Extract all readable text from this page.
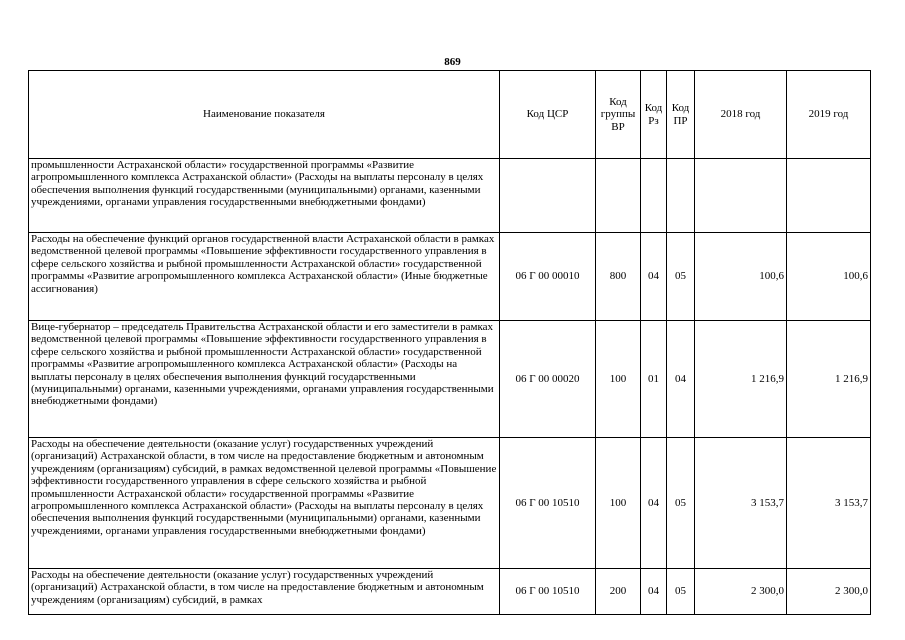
869
Наименование показателя	Код ЦСР	Код группы ВР	Код Рз	Код ПР	2018 год	2019 год
промышленности Астраханской области» государственной программы «Развитие агропромышленного комплекса Астраханской области» (Расходы на выплаты персоналу в целях обеспечения выполнения функций государственными (муниципальными) органами, казенными учреждениями, органами управления государственными внебюджетными фондами)						
Расходы на обеспечение функций органов государственной власти Астраханской области в рамках ведомственной целевой программы «Повышение эффективности государственного управления в сфере сельского хозяйства и рыбной промышленности Астраханской области» государственной программы «Развитие агропромышленного комплекса Астраханской области» (Иные бюджетные ассигнования)	06 Г 00 00010	800	04	05	100,6	100,6
Вице-губернатор – председатель Правительства Астраханской области и его заместители в рамках ведомственной целевой программы «Повышение эффективности государственного управления в сфере сельского хозяйства и рыбной промышленности Астраханской области» государственной программы «Развитие агропромышленного комплекса Астраханской области» (Расходы на выплаты персоналу в целях обеспечения выполнения функций государственными (муниципальными) органами, казенными учреждениями, органами управления государственными внебюджетными фондами)	06 Г 00 00020	100	01	04	1 216,9	1 216,9
Расходы на обеспечение деятельности (оказание услуг) государственных учреждений (организаций) Астраханской области, в том числе на предоставление бюджетным и автономным учреждениям (организациям) субсидий, в рамках ведомственной целевой программы «Повышение эффективности государственного управления в сфере сельского хозяйства и рыбной промышленности Астраханской области» государственной программы «Развитие агропромышленного комплекса Астраханской области» (Расходы на выплаты персоналу в целях обеспечения выполнения функций государственными (муниципальными) органами, казенными учреждениями, органами управления государственными внебюджетными фондами)	06 Г 00 10510	100	04	05	3 153,7	3 153,7
Расходы на обеспечение деятельности (оказание услуг) государственных учреждений (организаций) Астраханской области, в том числе на предоставление бюджетным и автономным учреждениям (организациям) субсидий, в рамках	06 Г 00 10510	200	04	05	2 300,0	2 300,0
